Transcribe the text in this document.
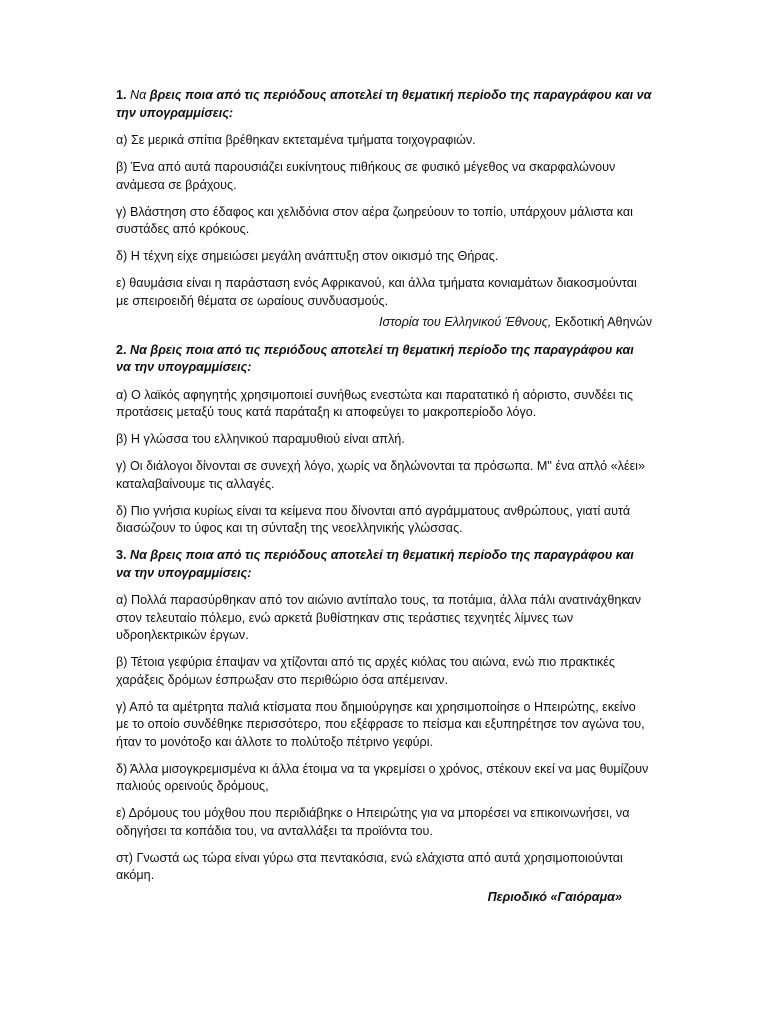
1. Να βρεις ποια από τις περιόδους αποτελεί τη θεματική περίοδο της παραγράφου και να την υπογραμμίσεις:

α) Σε μερικά σπίτια βρέθηκαν εκτεταμένα τμήματα τοιχογραφιών.

β) Ένα από αυτά παρουσιάζει ευκίνητους πιθήκους σε φυσικό μέγεθος να σκαρφαλώνουν ανάμεσα σε βράχους.

γ) Βλάστηση στο έδαφος και χελιδόνια στον αέρα ζωηρεύουν το τοπίο, υπάρχουν μάλιστα και συστάδες από κρόκους.

δ) Η τέχνη είχε σημειώσει μεγάλη ανάπτυξη στον οικισμό της Θήρας.

ε) θαυμάσια είναι η παράσταση ενός Αφρικανού, και άλλα τμήματα κονιαμάτων διακοσμούνται με σπειροειδή θέματα σε ωραίους συνδυασμούς.

Ιστορία του Ελληνικού Έθνους, Εκδοτική Αθηνών

2. Να βρεις ποια από τις περιόδους αποτελεί τη θεματική περίοδο της παραγράφου και να την υπογραμμίσεις:

α) Ο λαϊκός αφηγητής χρησιμοποιεί συνήθως ενεστώτα και παρατατικό ή αόριστο, συνδέει τις προτάσεις μεταξύ τους κατά παράταξη κι αποφεύγει το μακροπερίοδο λόγο.

β) Η γλώσσα του ελληνικού παραμυθιού είναι απλή.

γ) Οι διάλογοι δίνονται σε συνεχή λόγο, χωρίς να δηλώνονται τα πρόσωπα. Μ" ένα απλό «λέει» καταλαβαίνουμε τις αλλαγές.

δ) Πιο γνήσια κυρίως είναι τα κείμενα που δίνονται από αγράμματους ανθρώπους, γιατί αυτά διασώζουν το ύφος και τη σύνταξη της νεοελληνικής γλώσσας.

3. Να βρεις ποια από τις περιόδους αποτελεί τη θεματική περίοδο της παραγράφου και να την υπογραμμίσεις:

α) Πολλά παρασύρθηκαν από τον αιώνιο αντίπαλο τους, τα ποτάμια, άλλα πάλι ανατινάχθηκαν στον τελευταίο πόλεμο, ενώ αρκετά βυθίστηκαν στις τεράστιες τεχνητές λίμνες των υδροηλεκτρικών έργων.

β) Τέτοια γεφύρια έπαψαν να χτίζονται από τις αρχές κιόλας του αιώνα, ενώ πιο πρακτικές χαράξεις δρόμων έσπρωξαν στο περιθώριο όσα απέμειναν.

γ) Από τα αμέτρητα παλιά κτίσματα που δημιούργησε και χρησιμοποίησε ο Ηπειρώτης, εκείνο με το οποίο συνδέθηκε περισσότερο, που εξέφρασε το πείσμα και εξυπηρέτησε τον αγώνα του, ήταν το μονότοξο και άλλοτε το πολύτοξο πέτρινο γεφύρι.

δ) Άλλα μισογκρεμισμένα κι άλλα έτοιμα να τα γκρεμίσει ο χρόνος, στέκουν εκεί να μας θυμίζουν παλιούς ορεινούς δρόμους,

ε) Δρόμους του μόχθου που περιδιάβηκε ο Ηπειρώτης για να μπορέσει να επικοινωνήσει, να οδηγήσει τα κοπάδια του, να ανταλλάξει τα προϊόντα του.

στ) Γνωστά ως τώρα είναι γύρω στα πεντακόσια, ενώ ελάχιστα από αυτά χρησιμοποιούνται ακόμη.

Περιοδικό «Γαιόραμα»
